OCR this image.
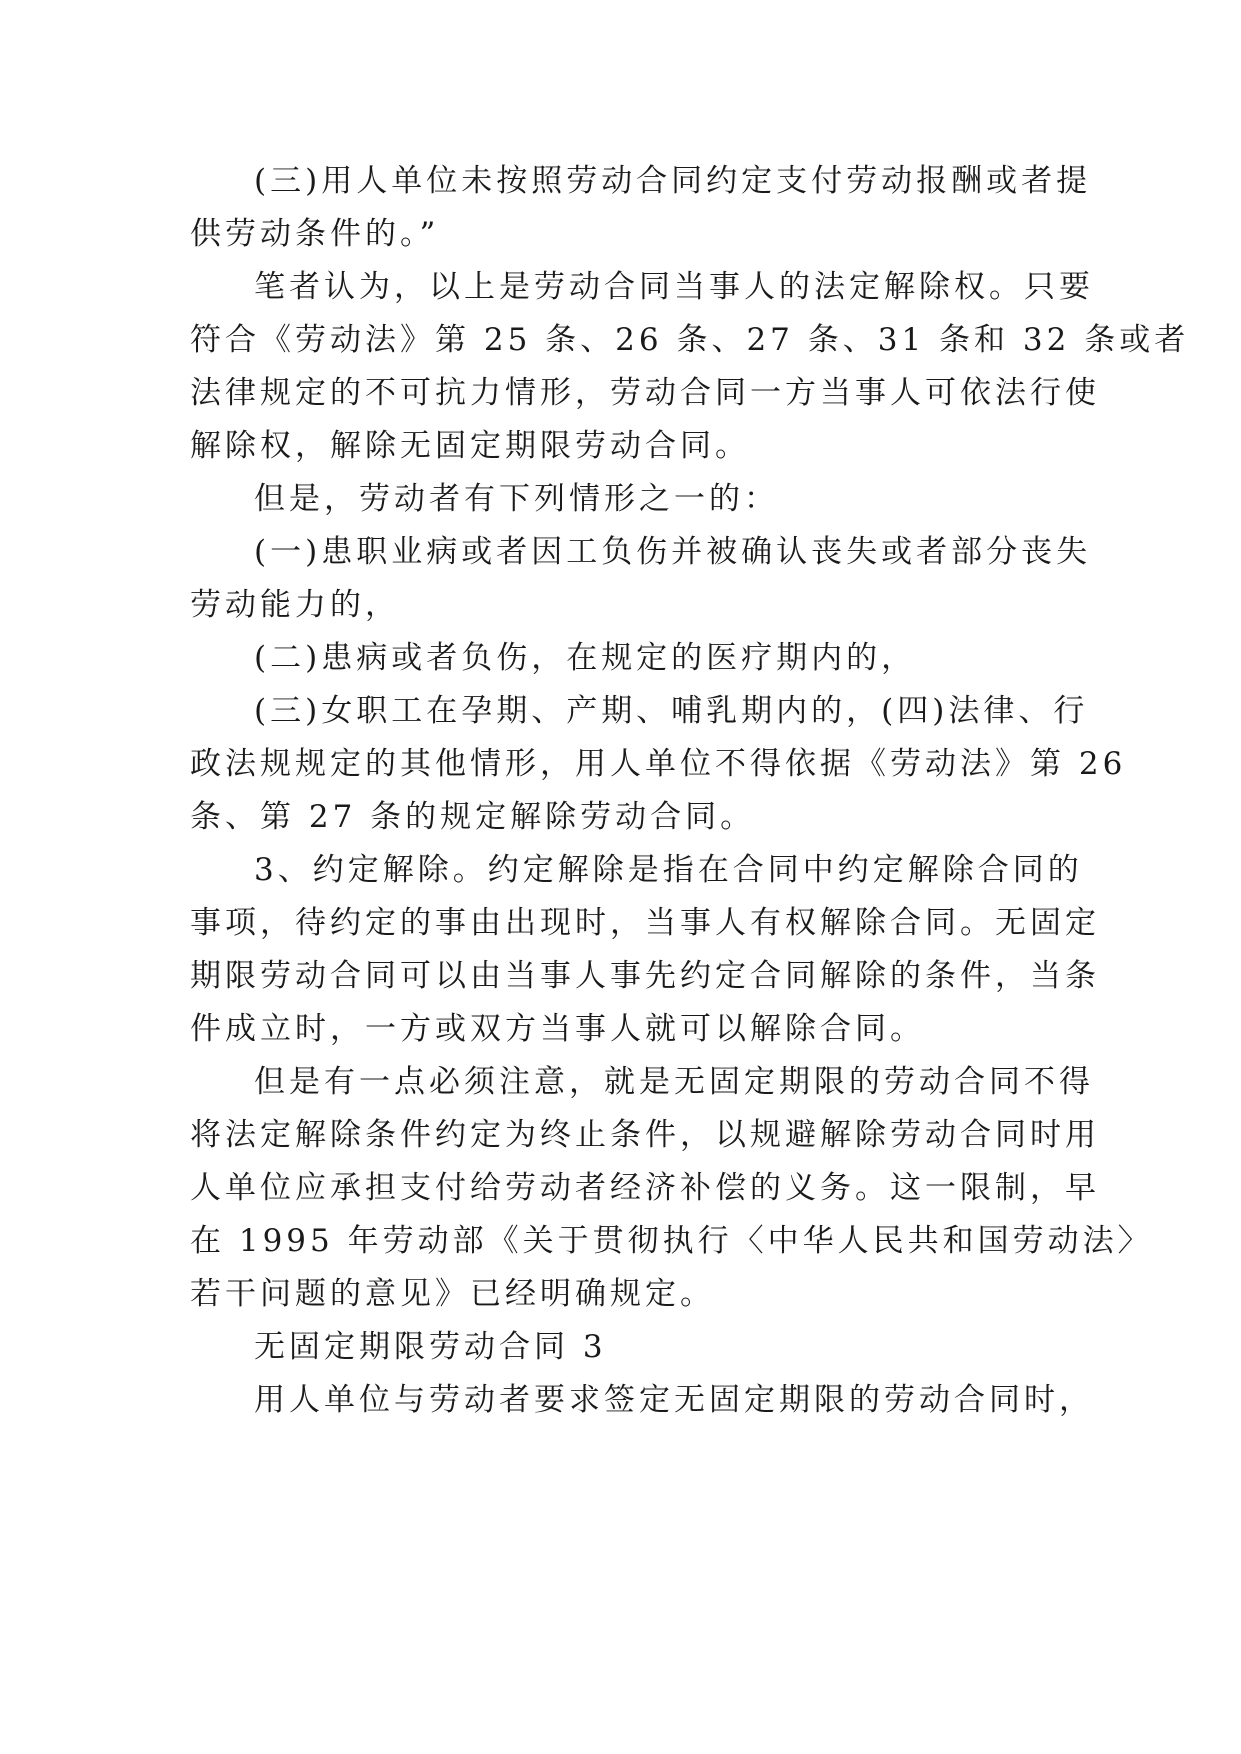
(三)用人单位未按照劳动合同约定支付劳动报酬或者提
供劳动条件的。”
笔者认为，以上是劳动合同当事人的法定解除权。只要
符合《劳动法》第 25 条、26 条、27 条、31 条和 32 条或者
法律规定的不可抗力情形，劳动合同一方当事人可依法行使
解除权，解除无固定期限劳动合同。
但是，劳动者有下列情形之一的：
(一)患职业病或者因工负伤并被确认丧失或者部分丧失
劳动能力的，
(二)患病或者负伤，在规定的医疗期内的，
(三)女职工在孕期、产期、哺乳期内的，(四)法律、行
政法规规定的其他情形，用人单位不得依据《劳动法》第 26
条、第 27 条的规定解除劳动合同。
3、约定解除。约定解除是指在合同中约定解除合同的
事项，待约定的事由出现时，当事人有权解除合同。无固定
期限劳动合同可以由当事人事先约定合同解除的条件，当条
件成立时，一方或双方当事人就可以解除合同。
但是有一点必须注意，就是无固定期限的劳动合同不得
将法定解除条件约定为终止条件，以规避解除劳动合同时用
人单位应承担支付给劳动者经济补偿的义务。这一限制，早
在 1995 年劳动部《关于贯彻执行〈中华人民共和国劳动法〉
若干问题的意见》已经明确规定。
无固定期限劳动合同 3
用人单位与劳动者要求签定无固定期限的劳动合同时，
